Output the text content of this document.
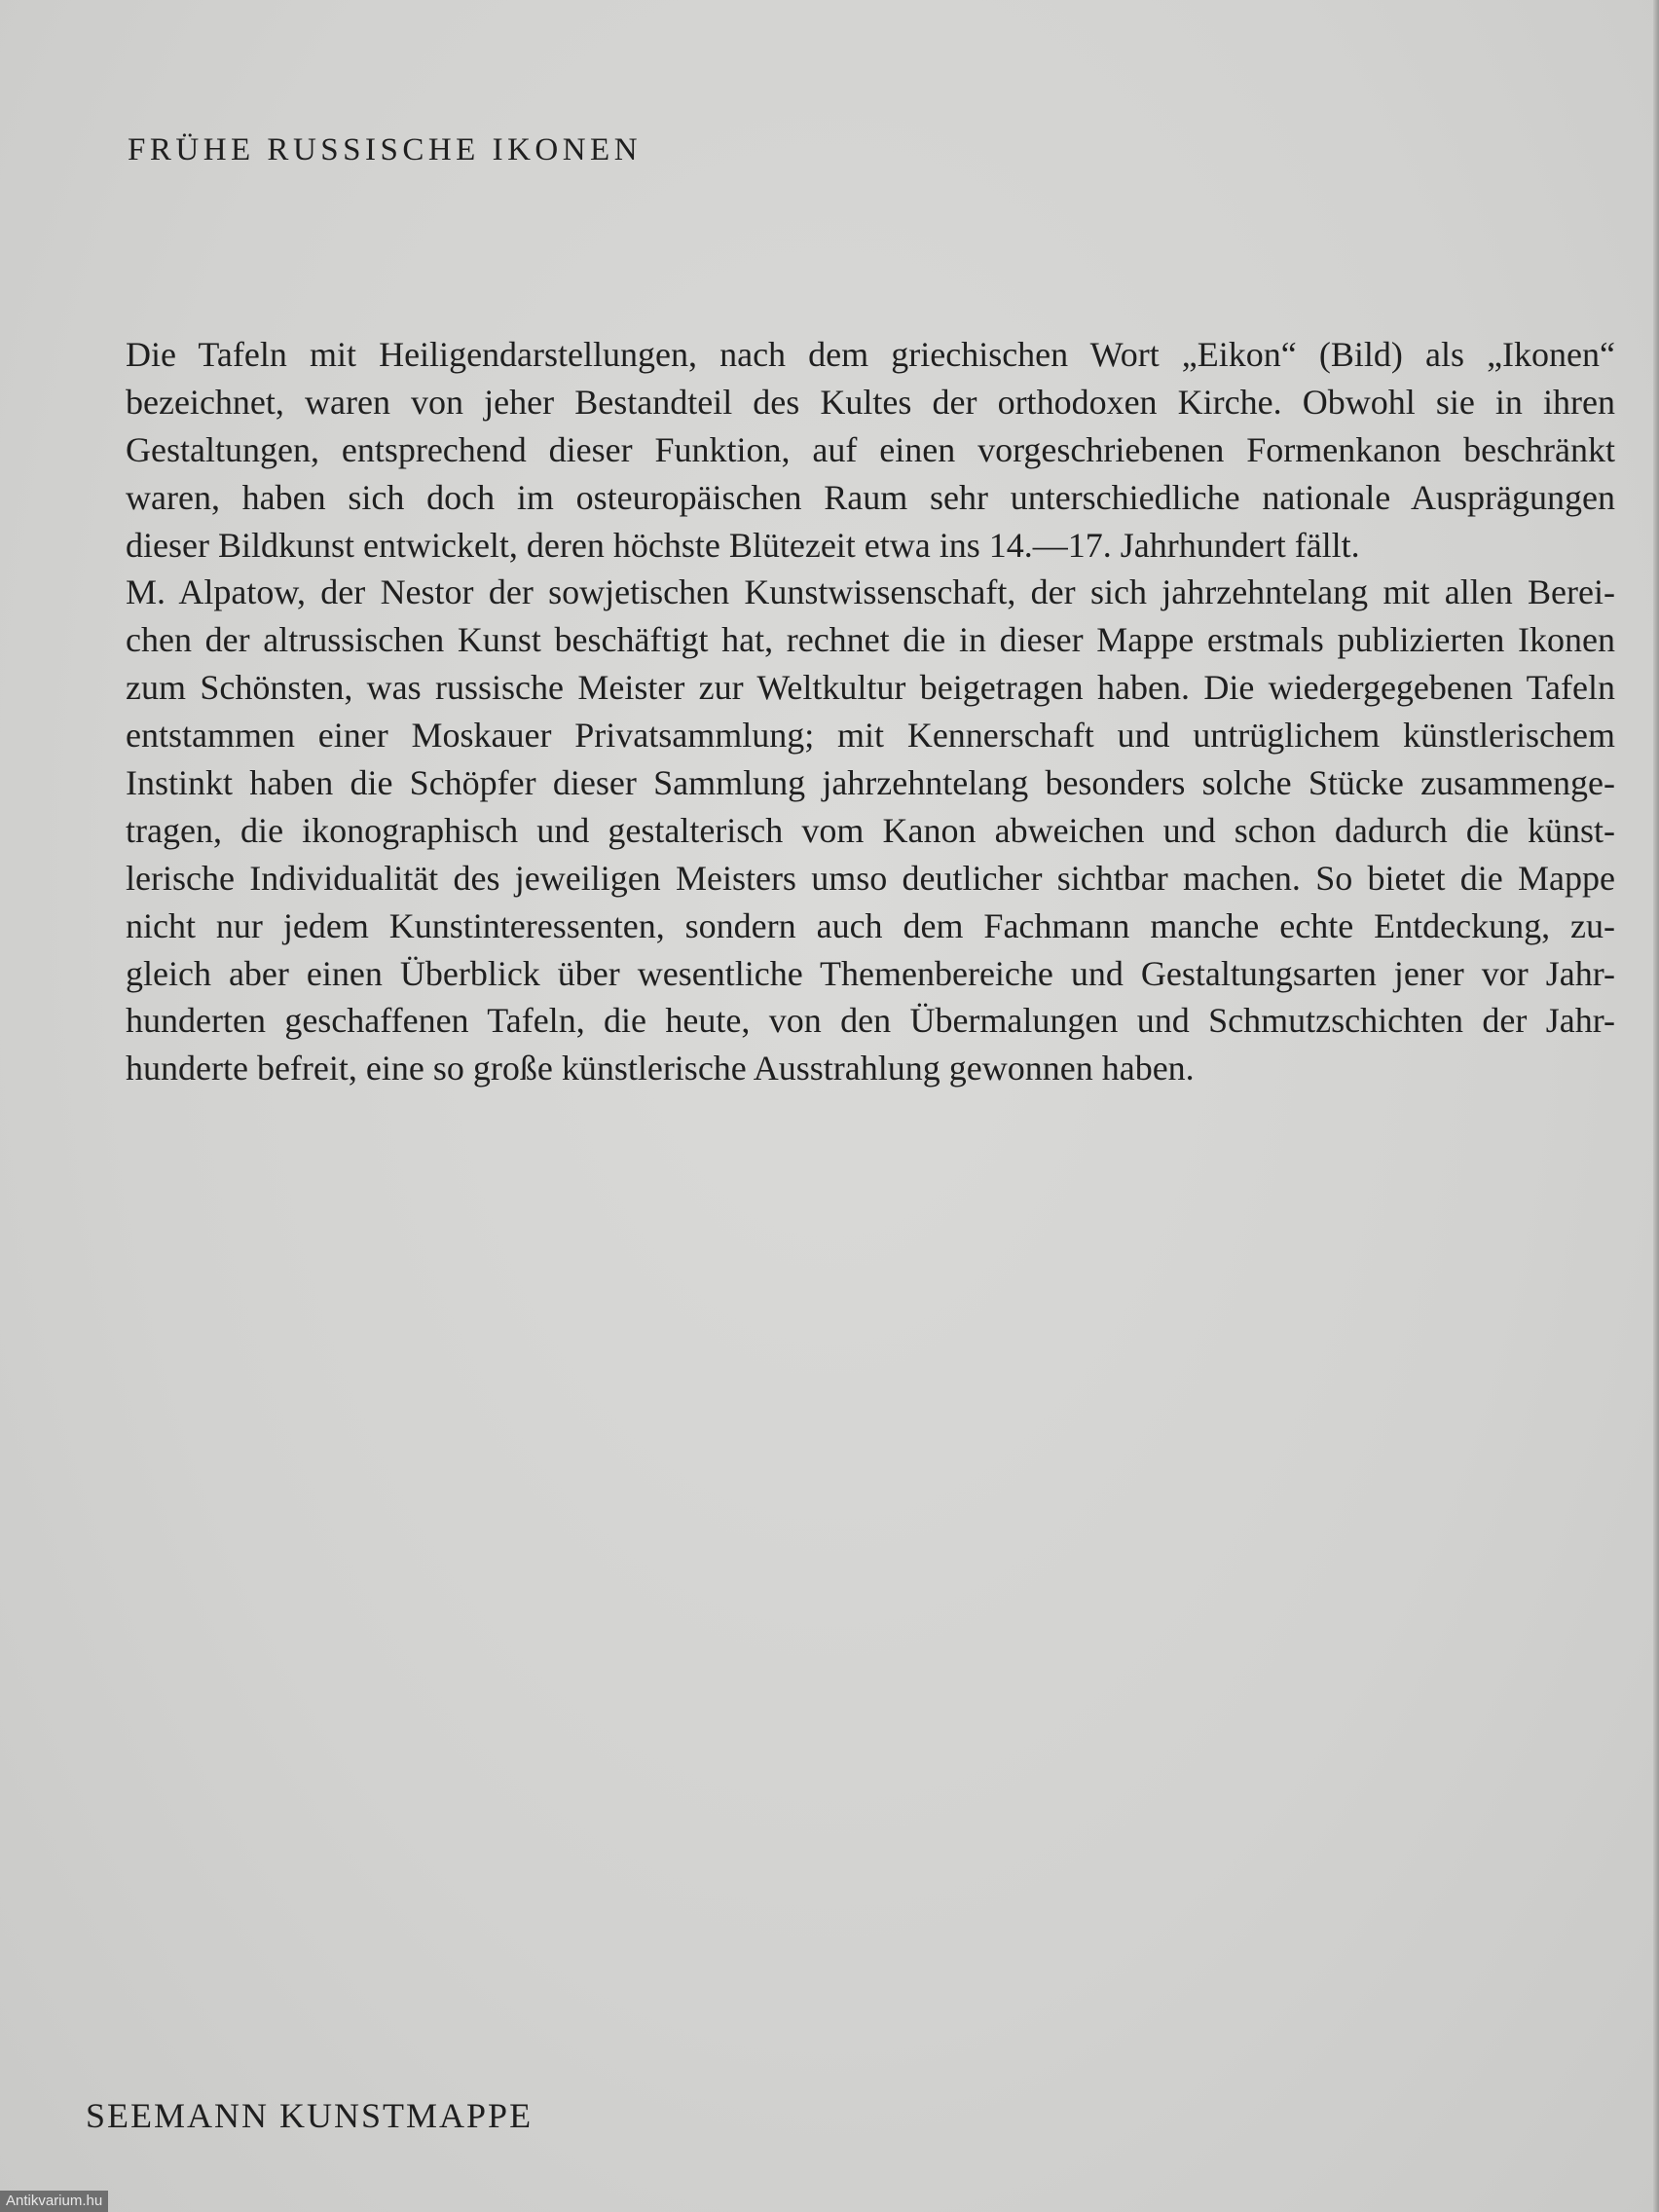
FRÜHE RUSSISCHE IKONEN
Die Tafeln mit Heiligendarstellungen, nach dem griechischen Wort „Eikon“ (Bild) als „Ikonen“
bezeichnet, waren von jeher Bestandteil des Kultes der orthodoxen Kirche. Obwohl sie in ihren
Gestaltungen, entsprechend dieser Funktion, auf einen vorgeschriebenen Formenkanon beschränkt
waren, haben sich doch im osteuropäischen Raum sehr unterschiedliche nationale Ausprägungen
dieser Bildkunst entwickelt, deren höchste Blütezeit etwa ins 14.—17. Jahrhundert fällt.
M. Alpatow, der Nestor der sowjetischen Kunstwissenschaft, der sich jahrzehntelang mit allen Berei-
chen der altrussischen Kunst beschäftigt hat, rechnet die in dieser Mappe erstmals publizierten Ikonen
zum Schönsten, was russische Meister zur Weltkultur beigetragen haben. Die wiedergegebenen Tafeln
entstammen einer Moskauer Privatsammlung; mit Kennerschaft und untrüglichem künstlerischem
Instinkt haben die Schöpfer dieser Sammlung jahrzehntelang besonders solche Stücke zusammenge-
tragen, die ikonographisch und gestalterisch vom Kanon abweichen und schon dadurch die künst-
lerische Individualität des jeweiligen Meisters umso deutlicher sichtbar machen. So bietet die Mappe
nicht nur jedem Kunstinteressenten, sondern auch dem Fachmann manche echte Entdeckung, zu-
gleich aber einen Überblick über wesentliche Themenbereiche und Gestaltungsarten jener vor Jahr-
hunderten geschaffenen Tafeln, die heute, von den Übermalungen und Schmutzschichten der Jahr-
hunderte befreit, eine so große künstlerische Ausstrahlung gewonnen haben.
SEEMANN KUNSTMAPPE
Antikvarium.hu
